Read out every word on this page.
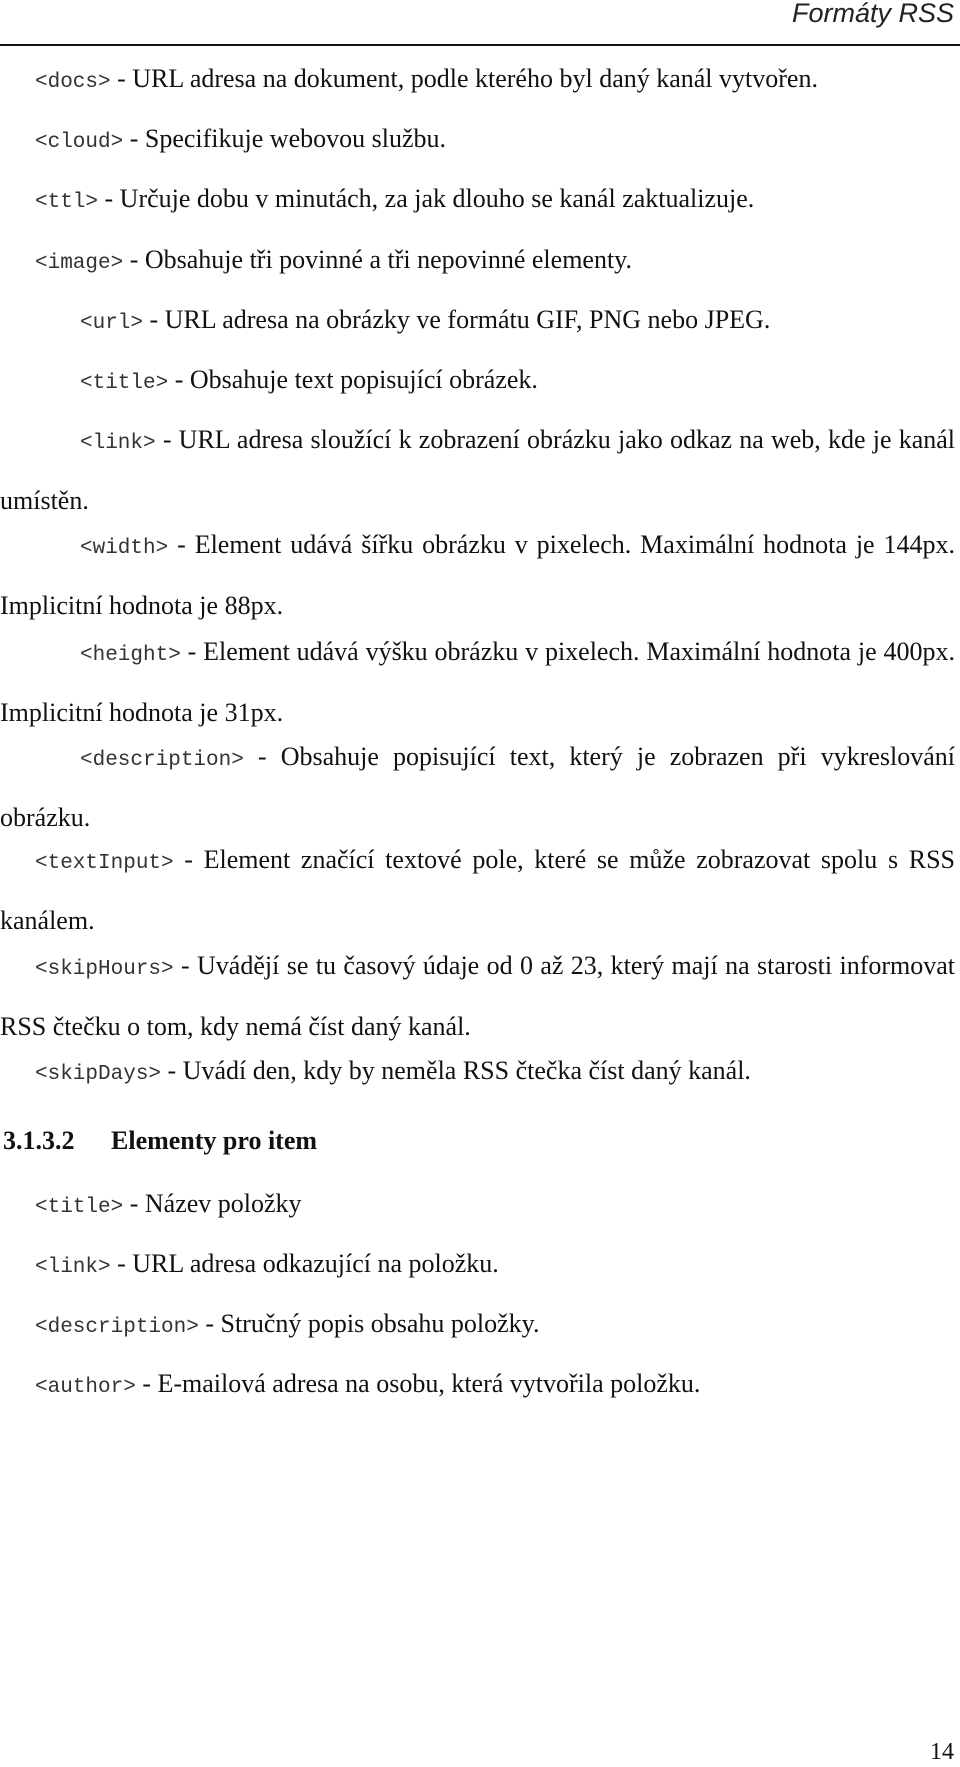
Formáty RSS

<docs> - URL adresa na dokument, podle kterého byl daný kanál vytvořen.

<cloud> - Specifikuje webovou službu.

<ttl> - Určuje dobu v minutách, za jak dlouho se kanál zaktualizuje.

<image> - Obsahuje tři povinné a tři nepovinné elementy.

<url> - URL adresa na obrázky ve formátu GIF, PNG nebo JPEG.

<title> - Obsahuje text popisující obrázek.

<link> - URL adresa sloužící k zobrazení obrázku jako odkaz na web, kde je kanál umístěn.

<width> - Element udává šířku obrázku v pixelech. Maximální hodnota je 144px. Implicitní hodnota je 88px.

<height> - Element udává výšku obrázku v pixelech. Maximální hodnota je 400px. Implicitní hodnota je 31px.

<description> - Obsahuje popisující text, který je zobrazen při vykreslování obrázku.

<textInput> - Element značící textové pole, které se může zobrazovat spolu s RSS kanálem.

<skipHours> - Uvádějí se tu časový údaje od 0 až 23, který mají na starosti informovat RSS čtečku o tom, kdy nemá číst daný kanál.

<skipDays> - Uvádí den, kdy by neměla RSS čtečka číst daný kanál.

3.1.3.2 Elementy pro item

<title> - Název položky

<link> - URL adresa odkazující na položku.

<description> - Stručný popis obsahu položky.

<author> - E-mailová adresa na osobu, která vytvořila položku.

14
